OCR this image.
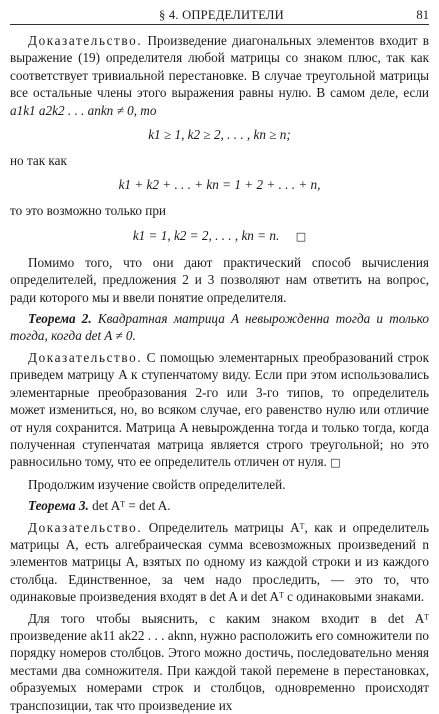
§ 4. ОПРЕДЕЛИТЕЛИ	81

Доказательство. Произведение диагональных элементов входит в выражение (19) определителя любой матрицы со знаком плюс, так как соответствует тривиальной перестановке. В случае треугольной матрицы все остальные члены этого выражения равны нулю. В самом деле, если a1k1 a2k2 . . . ankn ≠ 0, то

k1 ≥ 1, k2 ≥ 2, . . . , kn ≥ n;

но так как

k1 + k2 + . . . + kn = 1 + 2 + . . . + n,

то это возможно только при

k1 = 1, k2 = 2, . . . , kn = n. □

Помимо того, что они дают практический способ вычисления определителей, предложения 2 и 3 позволяют нам ответить на вопрос, ради которого мы и ввели понятие определителя.

Теорема 2. Квадратная матрица A невырожденна тогда и только тогда, когда det A ≠ 0.

Доказательство. С помощью элементарных преобразований строк приведем матрицу A к ступенчатому виду. Если при этом использовались элементарные преобразования 2-го или 3-го типов, то определитель может измениться, но, во всяком случае, его равенство нулю или отличие от нуля сохранится. Матрица A невырожденна тогда и только тогда, когда полученная ступенчатая матрица является строго треугольной; но это равносильно тому, что ее определитель отличен от нуля. □

Продолжим изучение свойств определителей.

Теорема 3. det Aᵀ = det A.

Доказательство. Определитель матрицы Aᵀ, как и определитель матрицы A, есть алгебраическая сумма всевозможных произведений n элементов матрицы A, взятых по одному из каждой строки и из каждого столбца. Единственное, за чем надо проследить, — это то, что одинаковые произведения входят в det A и det Aᵀ с одинаковыми знаками.

Для того чтобы выяснить, с каким знаком входит в det Aᵀ произведение ak11 ak22 . . . aknn, нужно расположить его сомножители по порядку номеров столбцов. Этого можно достичь, последовательно меняя местами два сомножителя. При каждой такой перемене в перестановках, образуемых номерами строк и столбцов, одновременно происходят транспозиции, так что произведение их
